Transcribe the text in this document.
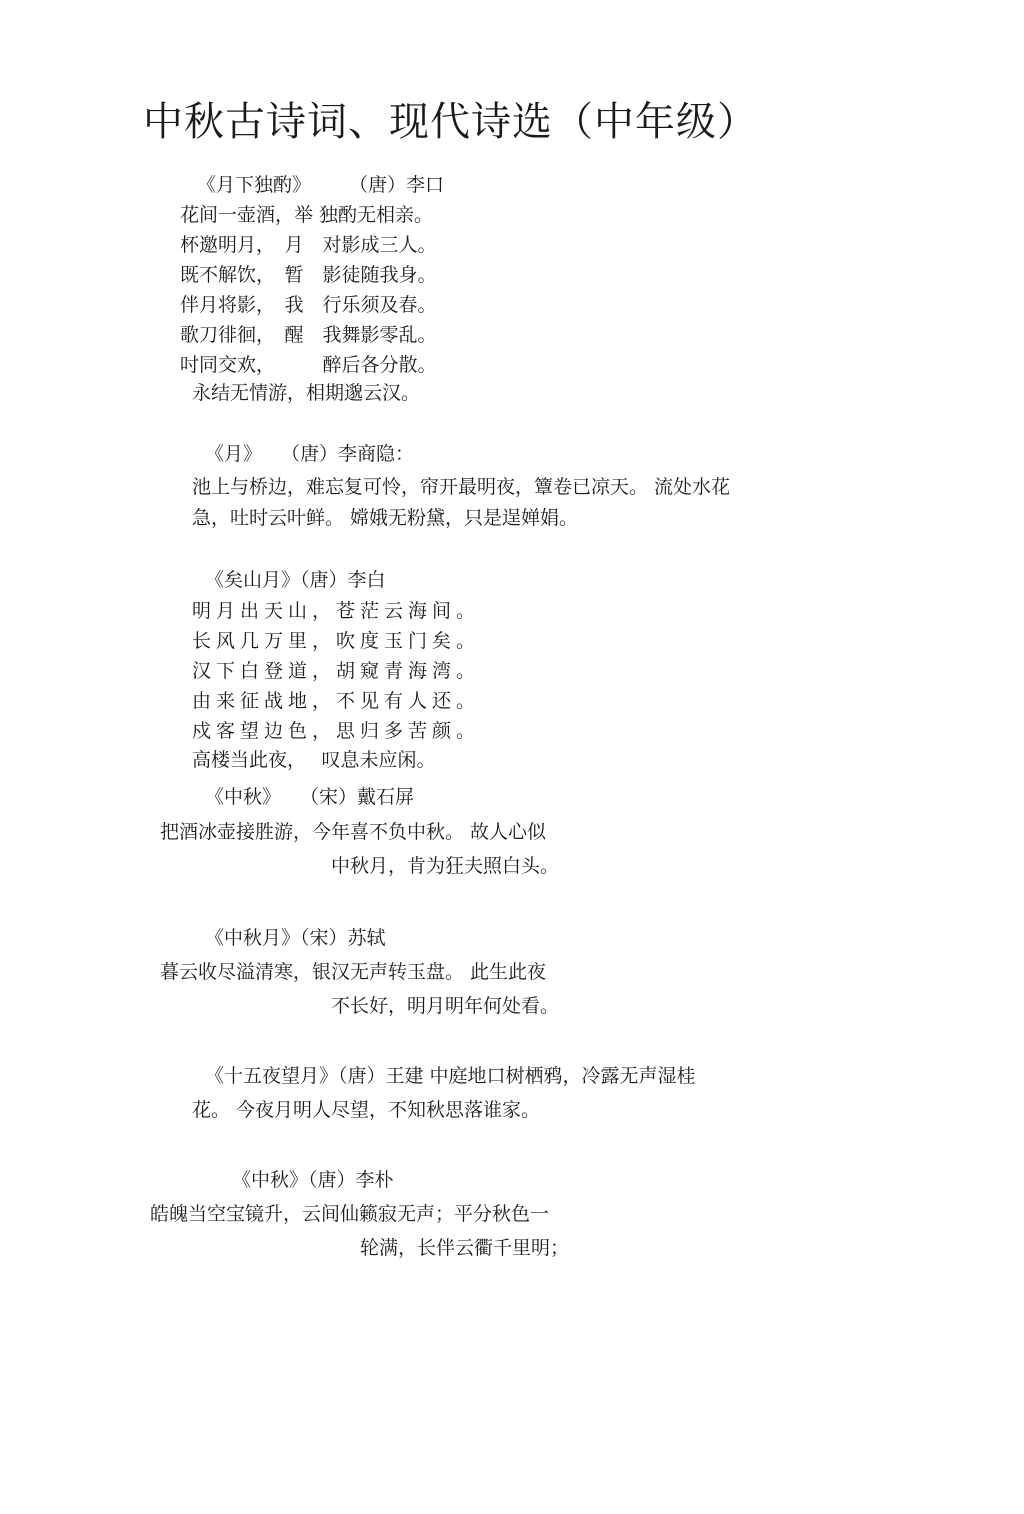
中秋古诗词、现代诗选（中年级）
《月下独酌》　　　（唐）李口
花间一壶酒，举 独酌无相亲。
杯邀明月，　月　对影成三人。
既不解饮，　暂　影徒随我身。
伴月将影，　我　行乐须及春。
歌刀徘徊，　醒　我舞影零乱。
吋同交欢，　　　醉后各分散。
永结无情游，相期邈云汉。
《月》　　（唐）李商隐：
池上与桥边，难忘复可怜，帘开最明夜，簟卷已凉天。 流处水花
急，吐时云叶鲜。 嫦娥无粉黛，只是逞婵娟。
《矣山月》（唐）李白
明月出天山，苍茫云海间。
长风几万里，吹度玉门矣。
汉下白登道，胡窥青海湾。
由来征战地，不见有人还。
戍客望边色，思归多苦颜。
高楼当此夜，　 叹息未应闲。
《中秋》　　（宋）戴石屏
把酒冰壶接胜游，今年喜不负中秋。 故人心似
中秋月，肯为狂夫照白头。
《中秋月》（宋）苏轼
暮云收尽溢清寒，银汉无声转玉盘。 此生此夜
不长好，明月明年何处看。
《十五夜望月》（唐）王建 中庭地口树栖鸦，冷露无声湿桂
花。 今夜月明人尽望，不知秋思落谁家。
《中秋》（唐）李朴
皓魄当空宝镜升，云间仙籁寂无声；平分秋色一
轮满，长伴云衢千里明；
